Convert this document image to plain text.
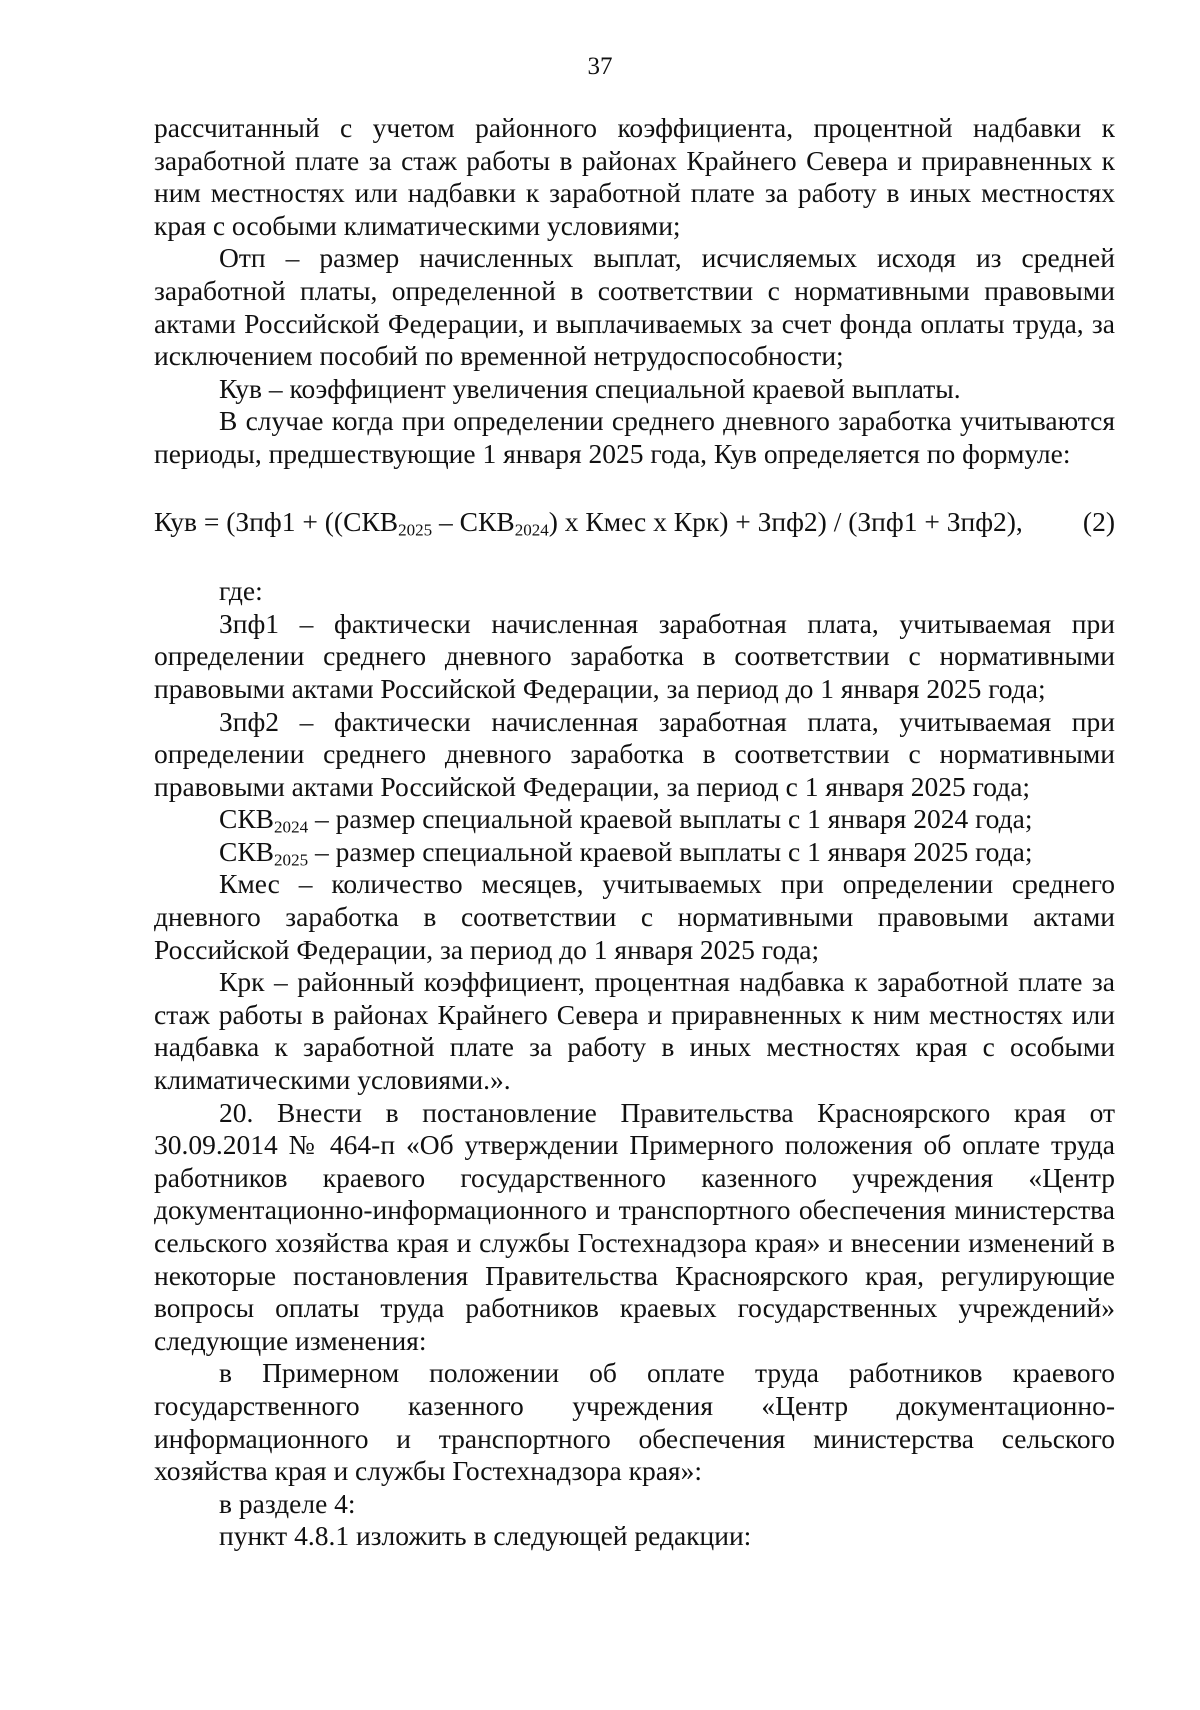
37

рассчитанный с учетом районного коэффициента, процентной надбавки к заработной плате за стаж работы в районах Крайнего Севера и приравненных к ним местностях или надбавки к заработной плате за работу в иных местностях края с особыми климатическими условиями;

Отп – размер начисленных выплат, исчисляемых исходя из средней заработной платы, определенной в соответствии с нормативными правовыми актами Российской Федерации, и выплачиваемых за счет фонда оплаты труда, за исключением пособий по временной нетрудоспособности;

Кув – коэффициент увеличения специальной краевой выплаты.

В случае когда при определении среднего дневного заработка учитываются периоды, предшествующие 1 января 2025 года, Кув определяется по формуле:

Кув = ($Зпф1 + ((СКВ_{2025} - СКВ_{2024})$ х Кмес х Крк) + Зпф2) / (Зпф1 + Зпф2), (2)

где:

Зпф1 – фактически начисленная заработная плата, учитываемая при определении среднего дневного заработка в соответствии с нормативными правовыми актами Российской Федерации, за период до 1 января 2025 года;

Зпф2 – фактически начисленная заработная плата, учитываемая при определении среднего дневного заработка в соответствии с нормативными правовыми актами Российской Федерации, за период с 1 января 2025 года;

$СКВ_{2024}$ – размер специальной краевой выплаты с 1 января 2024 года;

$СКВ_{2025}$ – размер специальной краевой выплаты с 1 января 2025 года;

Кмес – количество месяцев, учитываемых при определении среднего дневного заработка в соответствии с нормативными правовыми актами Российской Федерации, за период до 1 января 2025 года;

Крк – районный коэффициент, процентная надбавка к заработной плате за стаж работы в районах Крайнего Севера и приравненных к ним местностях или надбавка к заработной плате за работу в иных местностях края с особыми климатическими условиями.».

20. Внести в постановление Правительства Красноярского края от 30.09.2014 № 464-п «Об утверждении Примерного положения об оплате труда работников краевого государственного казенного учреждения «Центр документационно-информационного и транспортного обеспечения министерства сельского хозяйства края и службы Гостехнадзора края» и внесении изменений в некоторые постановления Правительства Красноярского края, регулирующие вопросы оплаты труда работников краевых государственных учреждений» следующие изменения:

в Примерном положении об оплате труда работников краевого государственного казенного учреждения «Центр документационно-информационного и транспортного обеспечения министерства сельского хозяйства края и службы Гостехнадзора края»:

в разделе 4:

пункт 4.8.1 изложить в следующей редакции:
